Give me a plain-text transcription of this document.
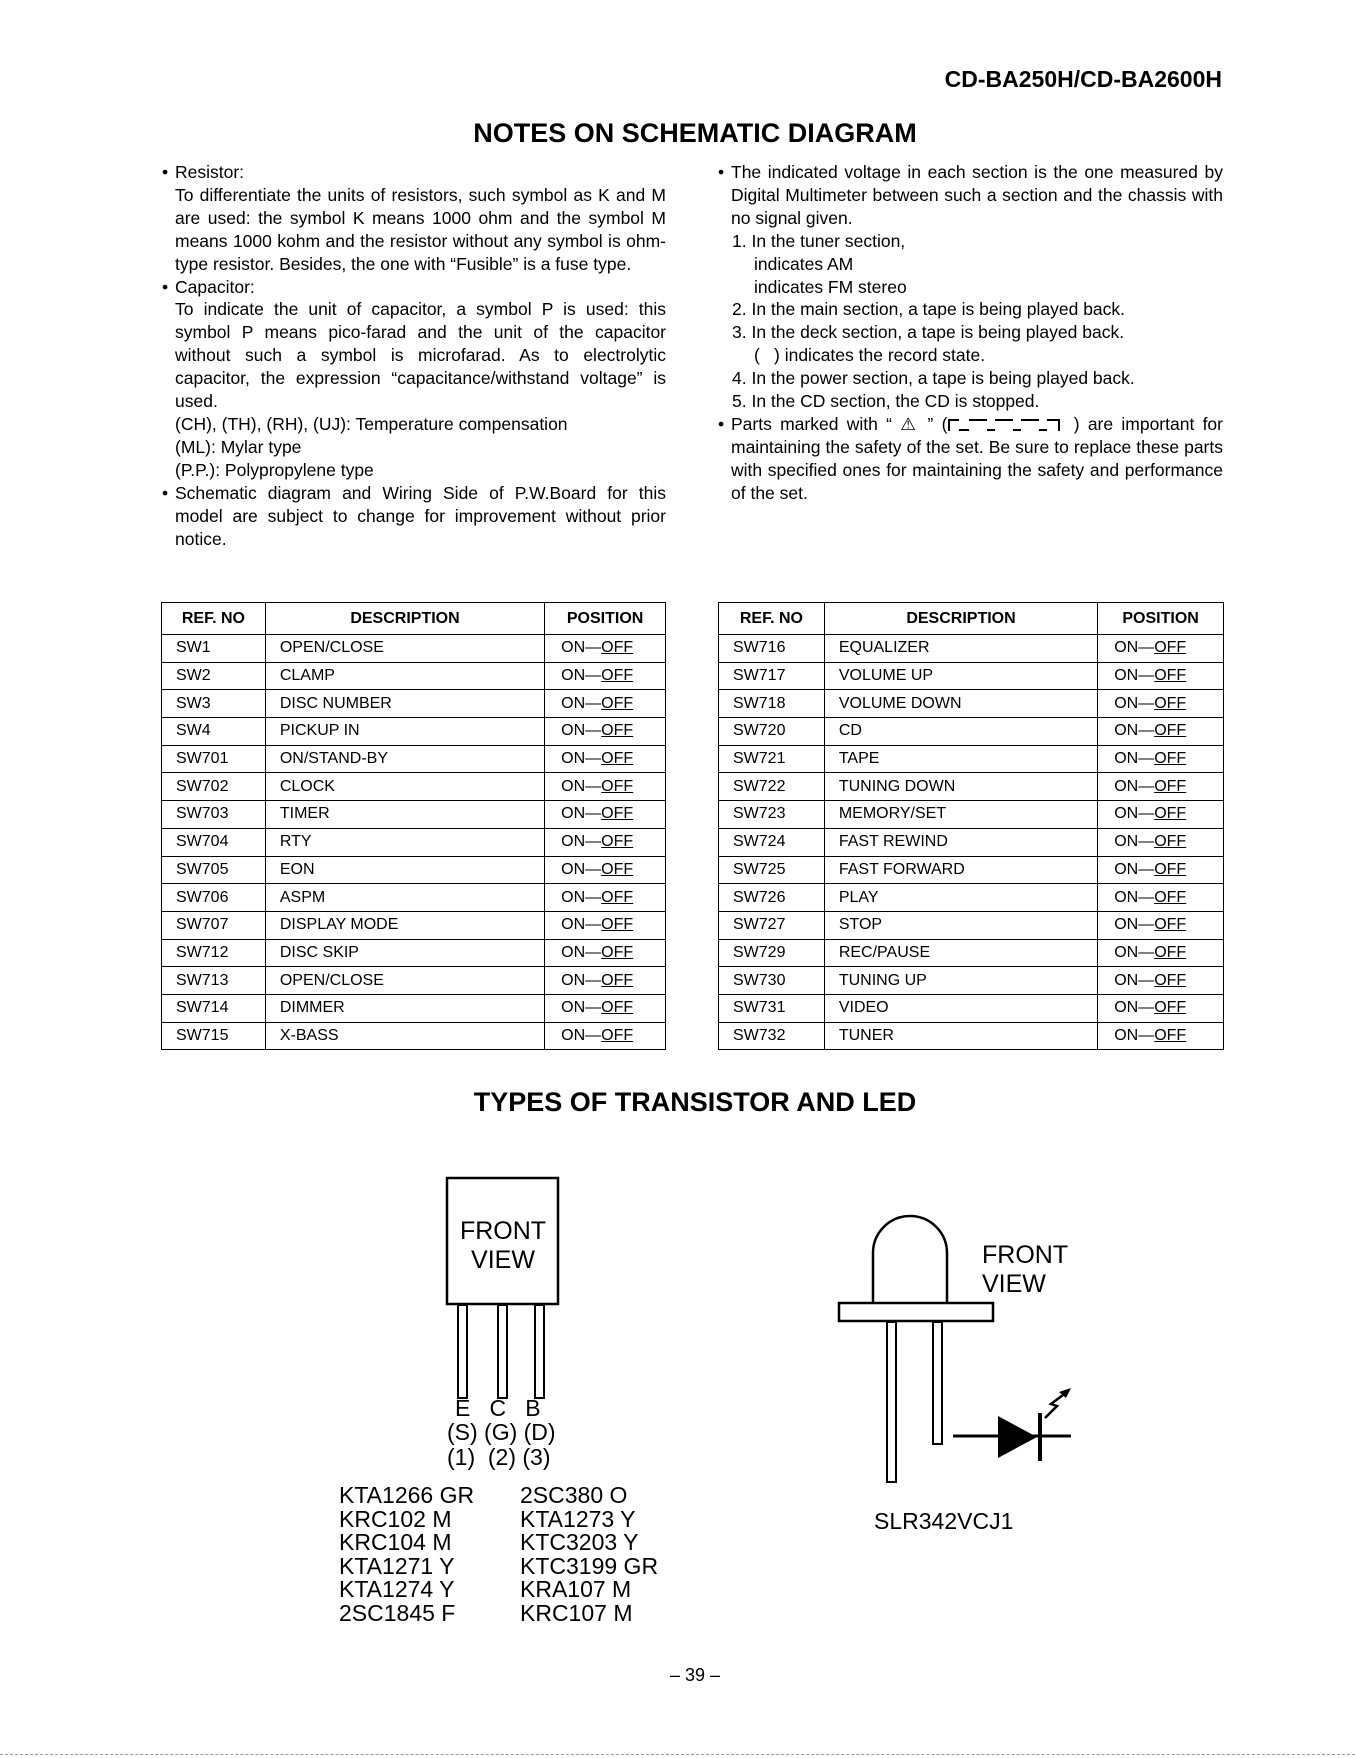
CD-BA250H/CD-BA2600H
NOTES ON SCHEMATIC DIAGRAM

• Resistor:

To differentiate the units of resistors, such symbol as K and M are used: the symbol K means 1000 ohm and the symbol M means 1000 kohm and the resistor without any symbol is ohm-type resistor. Besides, the one with “Fusible” is a fuse type.

• Capacitor:

To indicate the unit of capacitor, a symbol P is used: this symbol P means pico-farad and the unit of the capacitor without such a symbol is microfarad. As to electrolytic capacitor, the expression “capacitance/withstand voltage” is used.

(CH), (TH), (RH), (UJ): Temperature compensation

(ML): Mylar type

(P.P.): Polypropylene type

• Schematic diagram and Wiring Side of P.W.Board for this model are subject to change for improvement without prior notice.

• The indicated voltage in each section is the one measured by Digital Multimeter between such a section and the chassis with no signal given.

1. In the tuner section,

indicates AM

indicates FM stereo

2. In the main section, a tape is being played back.

3. In the deck section, a tape is being played back.

( ) indicates the record state.

4. In the power section, a tape is being played back.

5. In the CD section, the CD is stopped.

• Parts marked with “ ⚠ ” (	) are important for maintaining the safety of the set. Be sure to replace these parts with specified ones for maintaining the safety and performance of the set.

REF. NO	DESCRIPTION	POSITION
SW1	OPEN/CLOSE	ON—OFF
SW2	CLAMP	ON—OFF
SW3	DISC NUMBER	ON—OFF
SW4	PICKUP IN	ON—OFF
SW701	ON/STAND-BY	ON—OFF
SW702	CLOCK	ON—OFF
SW703	TIMER	ON—OFF
SW704	RTY	ON—OFF
SW705	EON	ON—OFF
SW706	ASPM	ON—OFF
SW707	DISPLAY MODE	ON—OFF
SW712	DISC SKIP	ON—OFF
SW713	OPEN/CLOSE	ON—OFF
SW714	DIMMER	ON—OFF
SW715	X-BASS	ON—OFF
REF. NO	DESCRIPTION	POSITION
SW716	EQUALIZER	ON—OFF
SW717	VOLUME UP	ON—OFF
SW718	VOLUME DOWN	ON—OFF
SW720	CD	ON—OFF
SW721	TAPE	ON—OFF
SW722	TUNING DOWN	ON—OFF
SW723	MEMORY/SET	ON—OFF
SW724	FAST REWIND	ON—OFF
SW725	FAST FORWARD	ON—OFF
SW726	PLAY	ON—OFF
SW727	STOP	ON—OFF
SW729	REC/PAUSE	ON—OFF
SW730	TUNING UP	ON—OFF
SW731	VIDEO	ON—OFF
SW732	TUNER	ON—OFF
TYPES OF TRANSISTOR AND LED
FRONT
VIEW
E   C   B
(S) (G) (D)
(1)  (2) (3)
KTA1266 GR
KRC102 M
KRC104 M
KTA1271 Y
KTA1274 Y
2SC1845 F
2SC380 O
KTA1273 Y
KTC3203 Y
KTC3199 GR
KRA107 M
KRC107 M
FRONT
VIEW
SLR342VCJ1
– 39 –
